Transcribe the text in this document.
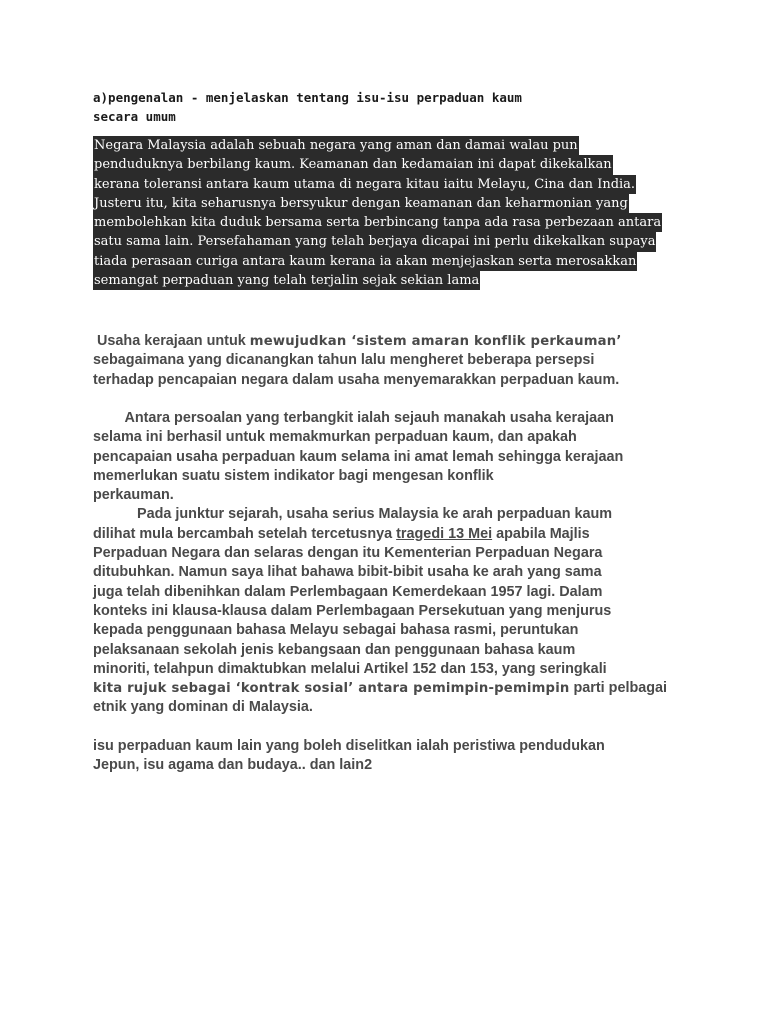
a)pengenalan - menjelaskan tentang isu-isu perpaduan kaum
secara umum
Negara Malaysia adalah sebuah negara yang aman dan damai walau pun
penduduknya berbilang kaum. Keamanan dan kedamaian ini dapat dikekalkan
kerana toleransi antara kaum utama di negara kitau iaitu Melayu, Cina dan India.
Justeru itu, kita seharusnya bersyukur dengan keamanan dan keharmonian yang
membolehkan kita duduk bersama serta berbincang tanpa ada rasa perbezaan antara
satu sama lain. Persefahaman yang telah berjaya dicapai ini perlu dikekalkan supaya
tiada perasaan curiga antara kaum kerana ia akan menjejaskan serta merosakkan
semangat perpaduan yang telah terjalin sejak sekian lama
Usaha kerajaan untuk mewujudkan ‘sistem amaran konflik perkauman’
sebagaimana yang dicanangkan tahun lalu mengheret beberapa persepsi
terhadap pencapaian negara dalam usaha menyemarakkan perpaduan kaum.
Antara persoalan yang terbangkit ialah sejauh manakah usaha kerajaan
selama ini berhasil untuk memakmurkan perpaduan kaum, dan apakah
pencapaian usaha perpaduan kaum selama ini amat lemah sehingga kerajaan
memerlukan suatu sistem indikator bagi mengesan konflik
perkauman.
Pada junktur sejarah, usaha serius Malaysia ke arah perpaduan kaum
dilihat mula bercambah setelah tercetusnya tragedi 13 Mei apabila Majlis
Perpaduan Negara dan selaras dengan itu Kementerian Perpaduan Negara
ditubuhkan. Namun saya lihat bahawa bibit-bibit usaha ke arah yang sama
juga telah dibenihkan dalam Perlembagaan Kemerdekaan 1957 lagi. Dalam
konteks ini klausa-klausa dalam Perlembagaan Persekutuan yang menjurus
kepada penggunaan bahasa Melayu sebagai bahasa rasmi, peruntukan
pelaksanaan sekolah jenis kebangsaan dan penggunaan bahasa kaum
minoriti, telahpun dimaktubkan melalui Artikel 152 dan 153, yang seringkali
kita rujuk sebagai ‘kontrak sosial’ antara pemimpin-pemimpin parti pelbagai
etnik yang dominan di Malaysia.
isu perpaduan kaum lain yang boleh diselitkan ialah peristiwa pendudukan
Jepun, isu agama dan budaya.. dan lain2
